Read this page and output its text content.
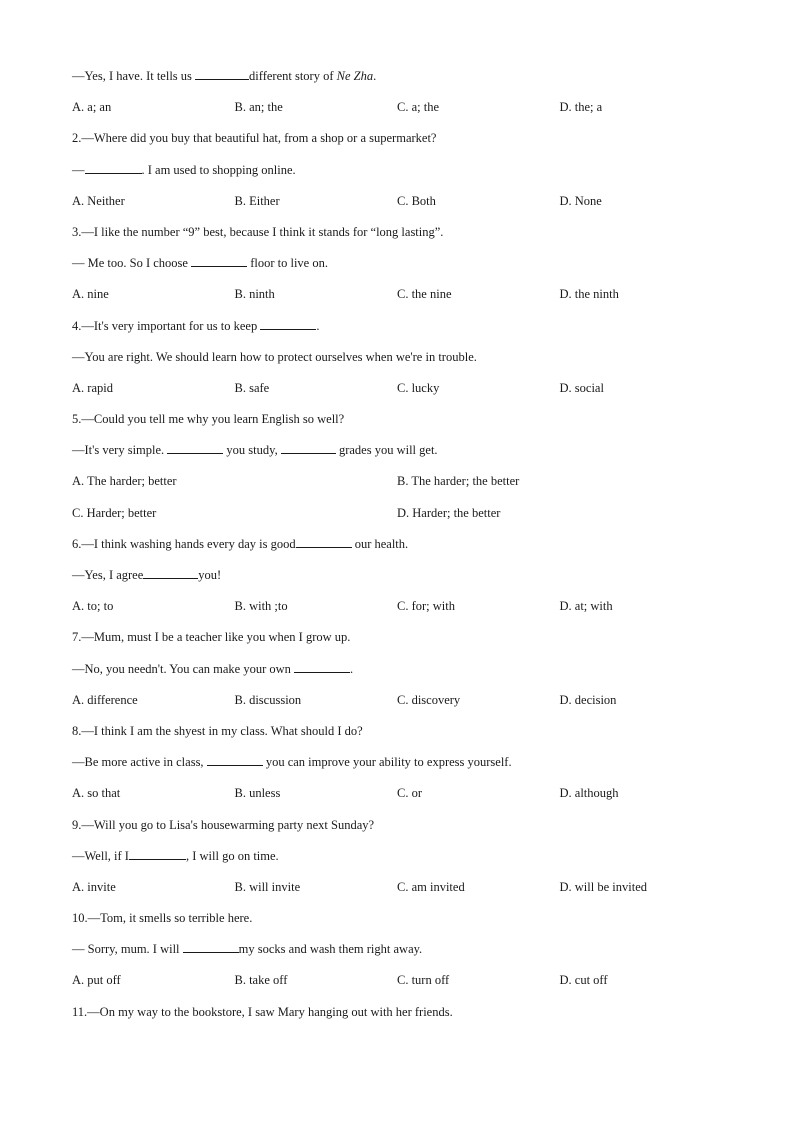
—Yes, I have. It tells us	different story of Ne Zha.
A. a; an	B. an; the	C. a; the	D. the; a
2.—Where did you buy that beautiful hat, from a shop or a supermarket?
—	. I am used to shopping online.
A. Neither	B. Either	C. Both	D. None
3.—I like the number “9” best, because I think it stands for “long lasting”.
— Me too. So I choose	floor to live on.
A. nine	B. ninth	C. the nine	D. the ninth
4.—It's very important for us to keep	.
—You are right. We should learn how to protect ourselves when we're in trouble.
A. rapid	B. safe	C. lucky	D. social
5.—Could you tell me why you learn English so well?
—It's very simple.	you study,	grades you will get.
A. The harder; better	B. The harder; the better
C. Harder; better	D. Harder; the better
6.—I think washing hands every day is good	our health.
—Yes, I agree	you!
A. to; to	B. with ;to	C. for; with	D. at; with
7.—Mum, must I be a teacher like you when I grow up.
—No, you needn't. You can make your own	.
A. difference	B. discussion	C. discovery	D. decision
8.—I think I am the shyest in my class. What should I do?
—Be more active in class,	you can improve your ability to express yourself.
A. so that	B. unless	C. or	D. although
9.—Will you go to Lisa's housewarming party next Sunday?
—Well, if I	, I will go on time.
A. invite	B. will invite	C. am invited	D. will be invited
10.—Tom, it smells so terrible here.
— Sorry, mum. I will	my socks and wash them right away.
A. put off	B. take off	C. turn off	D. cut off
11.—On my way to the bookstore, I saw Mary hanging out with her friends.
